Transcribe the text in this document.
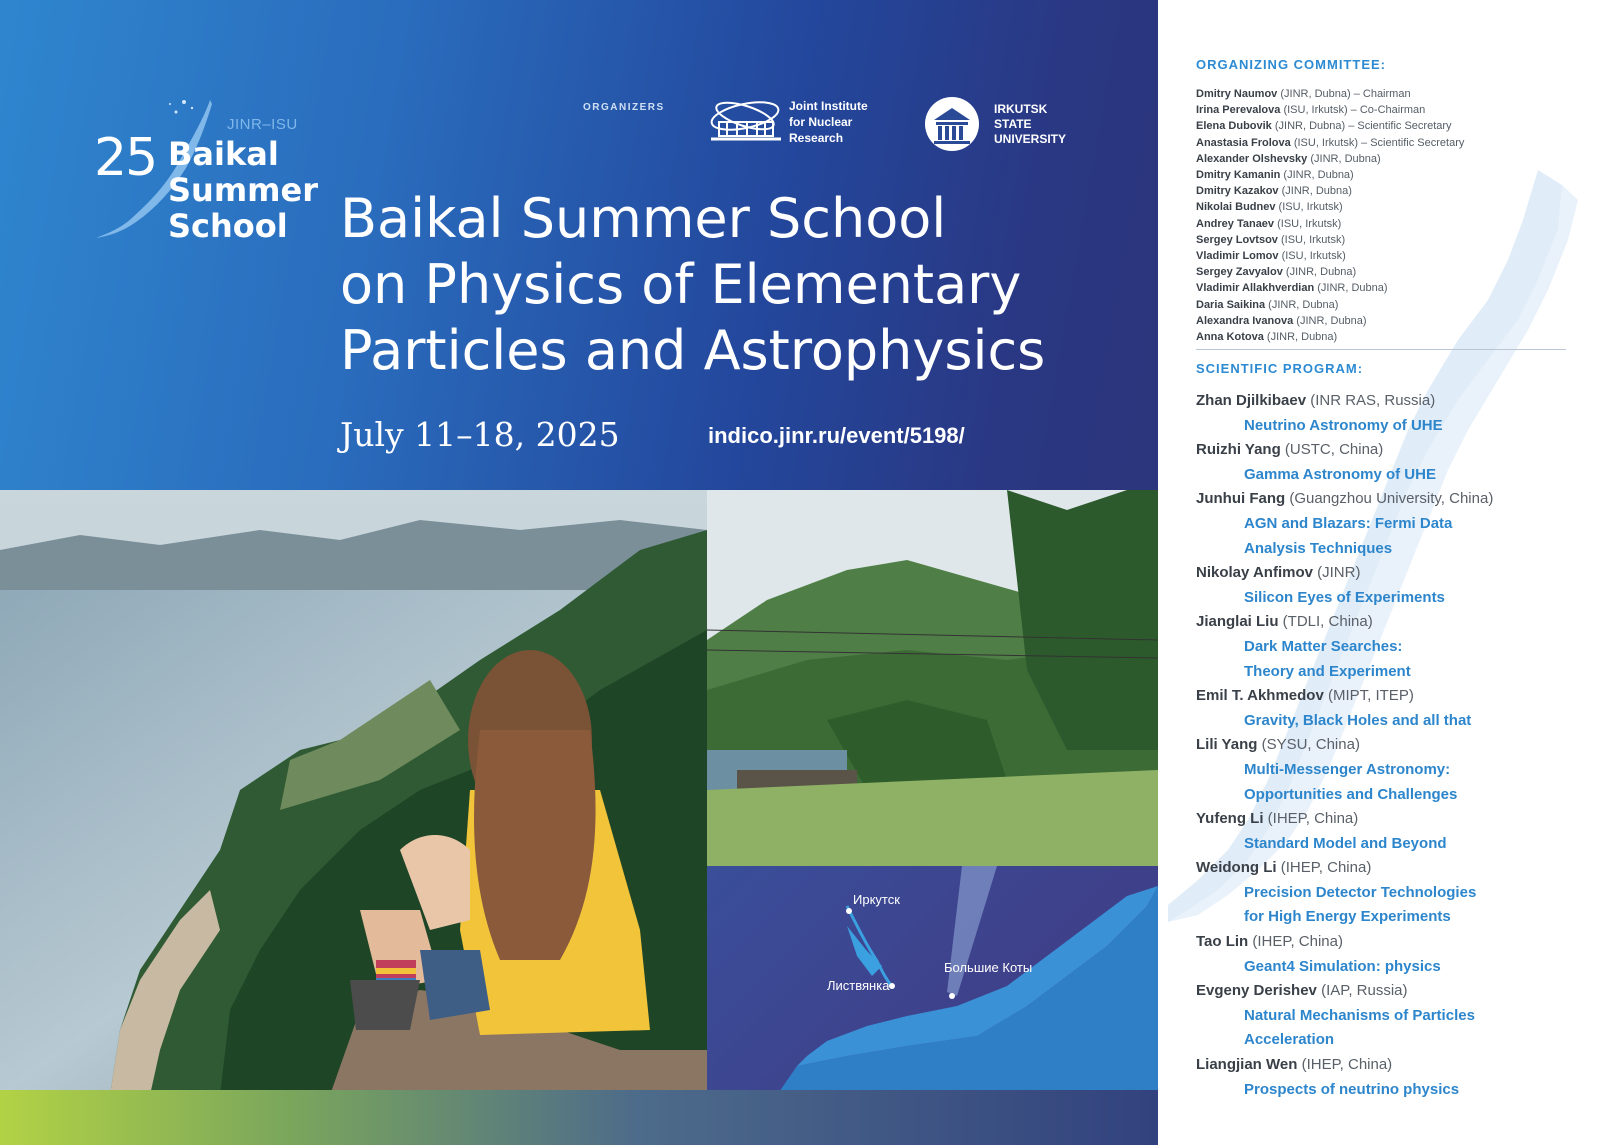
25
JINR–ISU
Baikal
Summer
School
ORGANIZERS	Joint Institute
for Nuclear
Research
IRKUTSK
STATE
UNIVERSITY
Baikal Summer School
on Physics of Elementary
Particles and Astrophysics
July 11–18, 2025	indico.jinr.ru/event/5198/
Иркутск
Листвянка
Большие Коты
ORGANIZING COMMITTEE:
Dmitry Naumov (JINR, Dubna) – Chairman
Irina Perevalova (ISU, Irkutsk) – Co-Chairman
Elena Dubovik (JINR, Dubna) – Scientific Secretary
Anastasia Frolova (ISU, Irkutsk) – Scientific Secretary
Alexander Olshevsky (JINR, Dubna)
Dmitry Kamanin (JINR, Dubna)
Dmitry Kazakov (JINR, Dubna)
Nikolai Budnev (ISU, Irkutsk)
Andrey Tanaev (ISU, Irkutsk)
Sergey Lovtsov (ISU, Irkutsk)
Vladimir Lomov (ISU, Irkutsk)
Sergey Zavyalov (JINR, Dubna)
Vladimir Allakhverdian (JINR, Dubna)
Daria Saikina (JINR, Dubna)
Alexandra Ivanova (JINR, Dubna)
Anna Kotova (JINR, Dubna)
SCIENTIFIC PROGRAM:
Zhan Djilkibaev (INR RAS, Russia)
Neutrino Astronomy of UHE
Ruizhi Yang (USTC, China)
Gamma Astronomy of UHE
Junhui Fang (Guangzhou University, China)
AGN and Blazars: Fermi Data
Analysis Techniques
Nikolay Anfimov (JINR)
Silicon Eyes of Experiments
Jianglai Liu (TDLI, China)
Dark Matter Searches:
Theory and Experiment
Emil T. Akhmedov (MIPT, ITEP)
Gravity, Black Holes and all that
Lili Yang (SYSU, China)
Multi-Messenger Astronomy:
Opportunities and Challenges
Yufeng Li (IHEP, China)
Standard Model and Beyond
Weidong Li (IHEP, China)
Precision Detector Technologies
for High Energy Experiments
Tao Lin (IHEP, China)
Geant4 Simulation: physics
Evgeny Derishev (IAP, Russia)
Natural Mechanisms of Particles
Acceleration
Liangjian Wen (IHEP, China)
Prospects of neutrino physics
